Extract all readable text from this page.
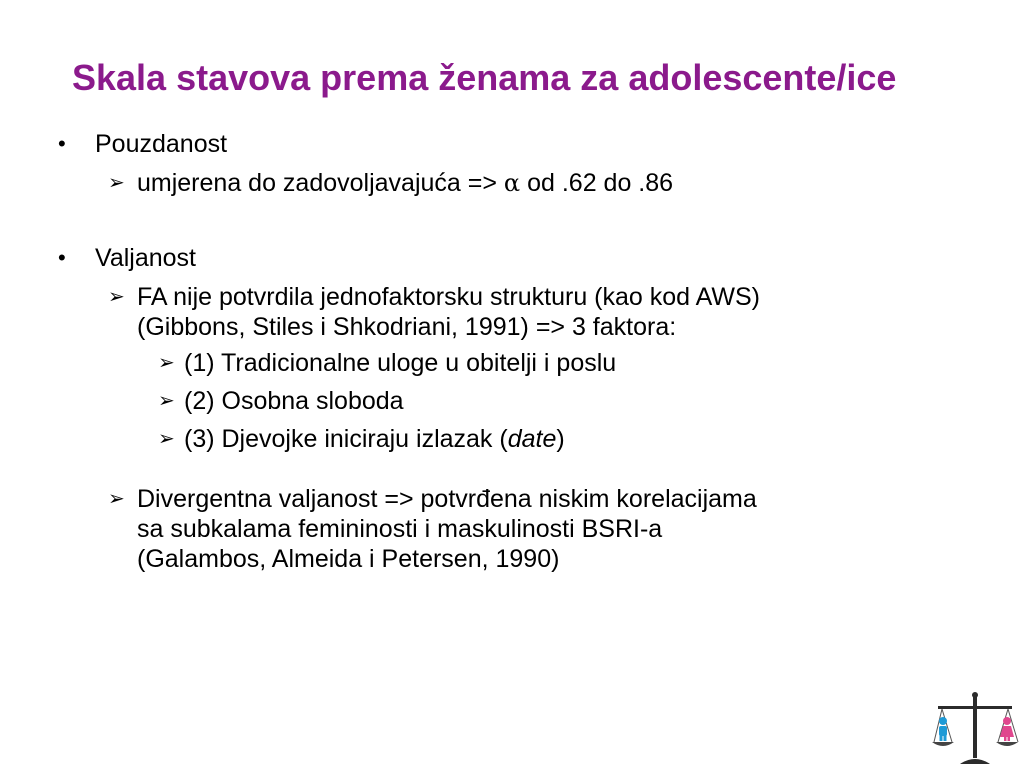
Skala stavova prema ženama za adolescente/ice
• Pouzdanost
➢ umjerena do zadovoljavajuća => α od .62 do .86
• Valjanost
➢ FA nije potvrdila jednofaktorsku strukturu (kao kod AWS)
(Gibbons, Stiles i Shkodriani, 1991) => 3 faktora:
➢ (1) Tradicionalne uloge u obitelji i poslu
➢ (2) Osobna sloboda
➢ (3) Djevojke iniciraju izlazak (date)
➢ Divergentna valjanost => potvrđena niskim korelacijama
sa subkalama femininosti i maskulinosti BSRI-a
(Galambos, Almeida i Petersen, 1990)
